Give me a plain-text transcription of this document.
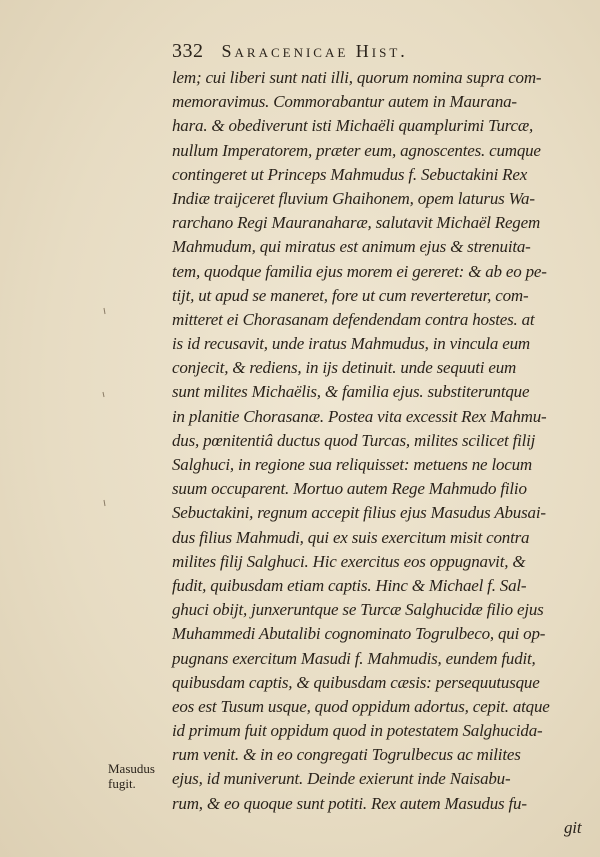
332 Saracenicae Hist.
lem; cui liberi sunt nati illi, quorum nomina supra com-
memoravimus. Commorabantur autem in Maurana-
hara. & obediverunt isti Michaëli quamplurimi Turcæ,
nullum Imperatorem, præter eum, agnoscentes. cumque
contingeret ut Princeps Mahmudus f. Sebuctakini Rex
Indiæ traijceret fluvium Ghaihonem, opem laturus Wa-
rarchano Regi Mauranaharæ, salutavit Michaël Regem
Mahmudum, qui miratus est animum ejus & strenuita-
tem, quodque familia ejus morem ei gereret: & ab eo pe-
tijt, ut apud se maneret, fore ut cum reverteretur, com-
mitteret ei Chorasanam defendendam contra hostes. at
is id recusavit, unde iratus Mahmudus, in vincula eum
conjecit, & rediens, in ijs detinuit. unde sequuti eum
sunt milites Michaëlis, & familia ejus. substiteruntque
in planitie Chorasanæ. Postea vita excessit Rex Mahmu-
dus, pœnitentiâ ductus quod Turcas, milites scilicet filij
Salghuci, in regione sua reliquisset: metuens ne locum
suum occuparent. Mortuo autem Rege Mahmudo filio
Sebuctakini, regnum accepit filius ejus Masudus Abusai-
dus filius Mahmudi, qui ex suis exercitum misit contra
milites filij Salghuci. Hic exercitus eos oppugnavit, &
fudit, quibusdam etiam captis. Hinc & Michael f. Sal-
ghuci obijt, junxeruntque se Turcæ Salghucidæ filio ejus
Muhammedi Abutalibi cognominato Togrulbeco, qui op-
pugnans exercitum Masudi f. Mahmudis, eundem fudit,
quibusdam captis, & quibusdam cæsis: persequutusque
eos est Tusum usque, quod oppidum adortus, cepit. atque
id primum fuit oppidum quod in potestatem Salghucida-
rum venit. & in eo congregati Togrulbecus ac milites
ejus, id muniverunt. Deinde exierunt inde Naisabu-
rum, & eo quoque sunt potiti. Rex autem Masudus fu-
git
Masudus
fugit.
